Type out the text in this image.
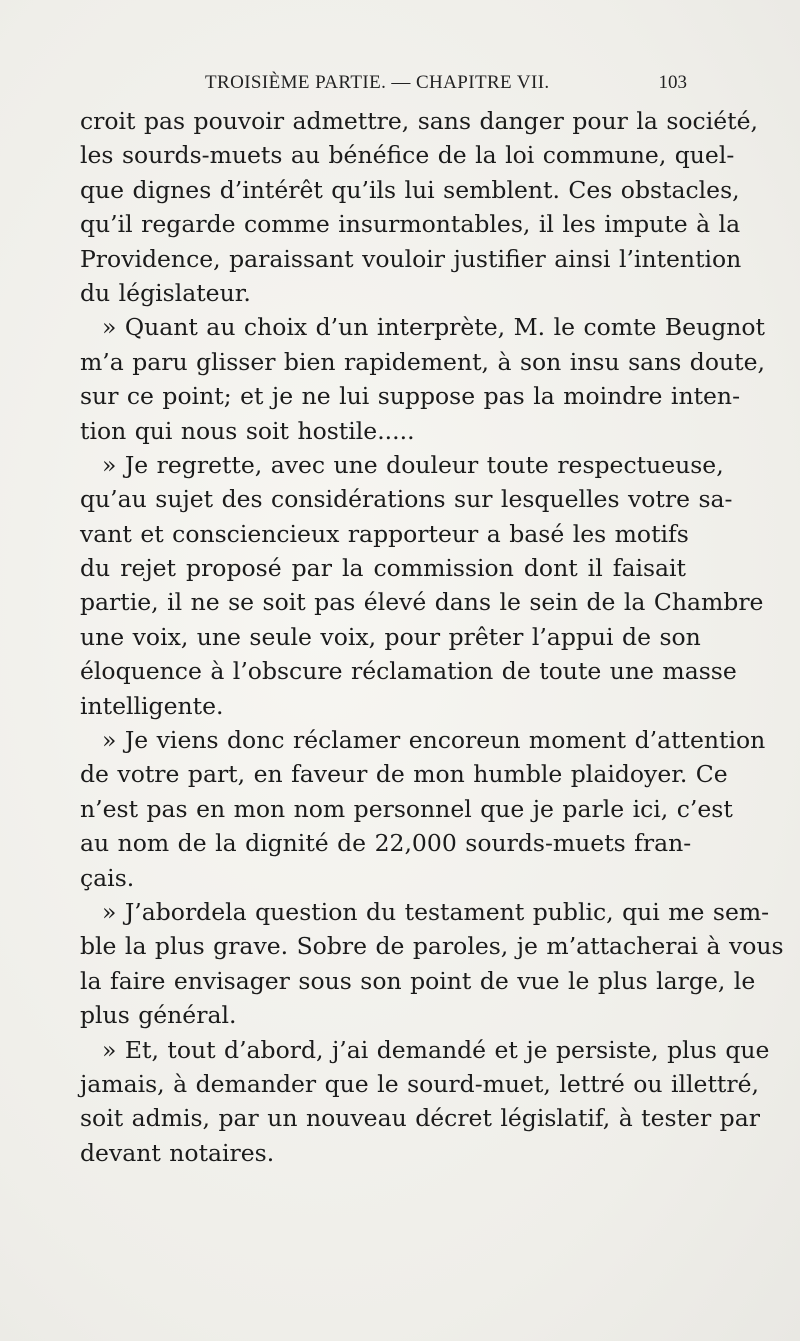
TROISIÈME PARTIE. — CHAPITRE VII.	103
croit pas pouvoir admettre, sans danger pour la société,
les sourds-muets au bénéfice de la loi commune, quel-
que dignes d’intérêt qu’ils lui semblent. Ces obstacles,
qu’il regarde comme insurmontables, il les impute à la
Providence, paraissant vouloir justifier ainsi l’intention
du législateur.
» Quant au choix d’un interprète, M. le comte Beugnot
m’a paru glisser bien rapidement, à son insu sans doute,
sur ce point; et je ne lui suppose pas la moindre inten-
tion qui nous soit hostile.....
» Je regrette, avec une douleur toute respectueuse,
qu’au sujet des considérations sur lesquelles votre sa-
vant et consciencieux rapporteur a basé les motifs
du rejet proposé par la commission dont il faisait
partie, il ne se soit pas élevé dans le sein de la Chambre
une voix, une seule voix, pour prêter l’appui de son
éloquence à l’obscure réclamation de toute une masse
intelligente.
» Je viens donc réclamer encoreun moment d’attention
de votre part, en faveur de mon humble plaidoyer. Ce
n’est pas en mon nom personnel que je parle ici, c’est
au nom de la dignité de 22,000 sourds-muets fran-
çais.
» J’abordela question du testament public, qui me sem-
ble la plus grave. Sobre de paroles, je m’attacherai à vous
la faire envisager sous son point de vue le plus large, le
plus général.
» Et, tout d’abord, j’ai demandé et je persiste, plus que
jamais, à demander que le sourd-muet, lettré ou illettré,
soit admis, par un nouveau décret législatif, à tester par
devant notaires.
